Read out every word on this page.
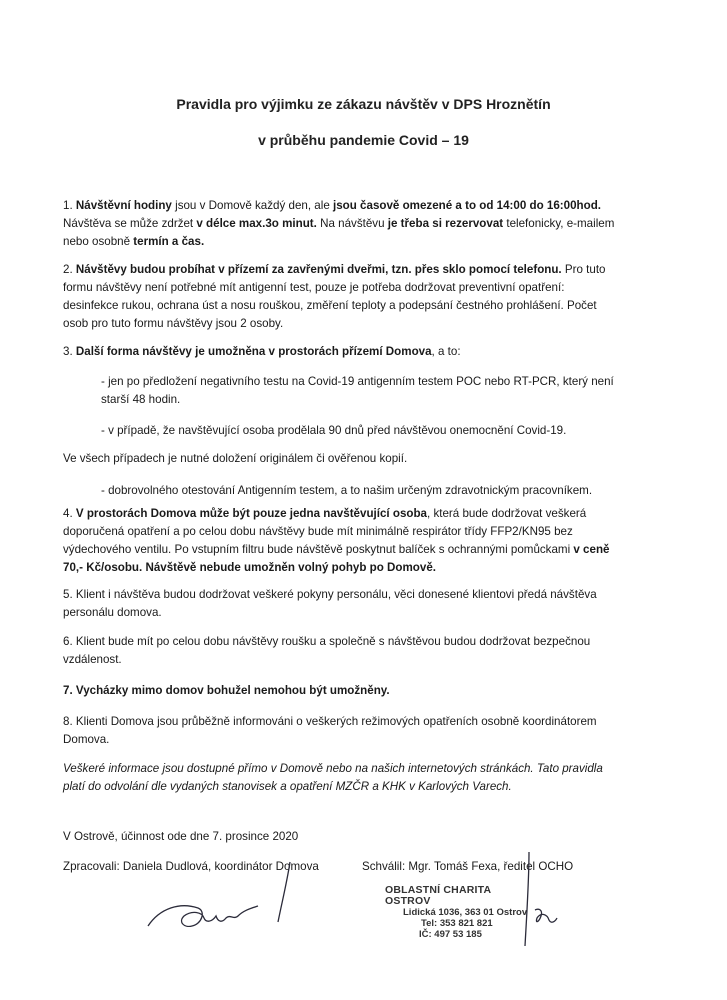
Pravidla pro výjimku ze zákazu návštěv v DPS Hroznětín
v průběhu pandemie Covid – 19
1. Návštěvní hodiny jsou v Domově každý den, ale jsou časově omezené a to od 14:00 do 16:00hod. Návštěva se může zdržet v délce max.3o minut. Na návštěvu je třeba si rezervovat telefonicky, e-mailem nebo osobně termín a čas.
2. Návštěvy budou probíhat v přízemí za zavřenými dveřmi, tzn. přes sklo pomocí telefonu. Pro tuto formu návštěvy není potřebné mít antigenní test, pouze je potřeba dodržovat preventivní opatření: desinfekce rukou, ochrana úst a nosu rouškou, změření teploty a podepsání čestného prohlášení. Počet osob pro tuto formu návštěvy jsou 2 osoby.
3. Další forma návštěvy je umožněna v prostorách přízemí Domova, a to:
- jen po předložení negativního testu na Covid-19 antigenním testem POC nebo RT-PCR, který není starší 48 hodin.
- v případě, že navštěvující osoba prodělala 90 dnů před návštěvou onemocnění Covid-19.
Ve všech případech je nutné doložení originálem či ověřenou kopií.
- dobrovolného otestování Antigenním testem, a to našim určeným zdravotnickým pracovníkem.
4. V prostorách Domova může být pouze jedna navštěvující osoba, která bude dodržovat veškerá doporučená opatření a po celou dobu návštěvy bude mít minimálně respirátor třídy FFP2/KN95 bez výdechového ventilu. Po vstupním filtru bude návštěvě poskytnut balíček s ochrannými pomůckami v ceně 70,- Kč/osobu. Návštěvě nebude umožněn volný pohyb po Domově.
5. Klient i návštěva budou dodržovat veškeré pokyny personálu, věci donesené klientovi předá návštěva personálu domova.
6. Klient bude mít po celou dobu návštěvy roušku a společně s návštěvou budou dodržovat bezpečnou vzdálenost.
7. Vycházky mimo domov bohužel nemohou být umožněny.
8. Klienti Domova jsou průběžně informováni o veškerých režimových opatřeních osobně koordinátorem Domova.
Veškeré informace jsou dostupné přímo v Domově nebo na našich internetových stránkách. Tato pravidla platí do odvolání dle vydaných stanovisek a opatření MZČR a KHK v Karlových Varech.
V Ostrově, účinnost ode dne 7. prosince 2020
Zpracovali: Daniela Dudlová, koordinátor Domova	Schválil: Mgr. Tomáš Fexa, ředitel OCHO
OBLASTNÍ CHARITA OSTROV
Lidická 1036, 363 01 Ostrov
Tel: 353 821 821
IČ: 497 53 185
